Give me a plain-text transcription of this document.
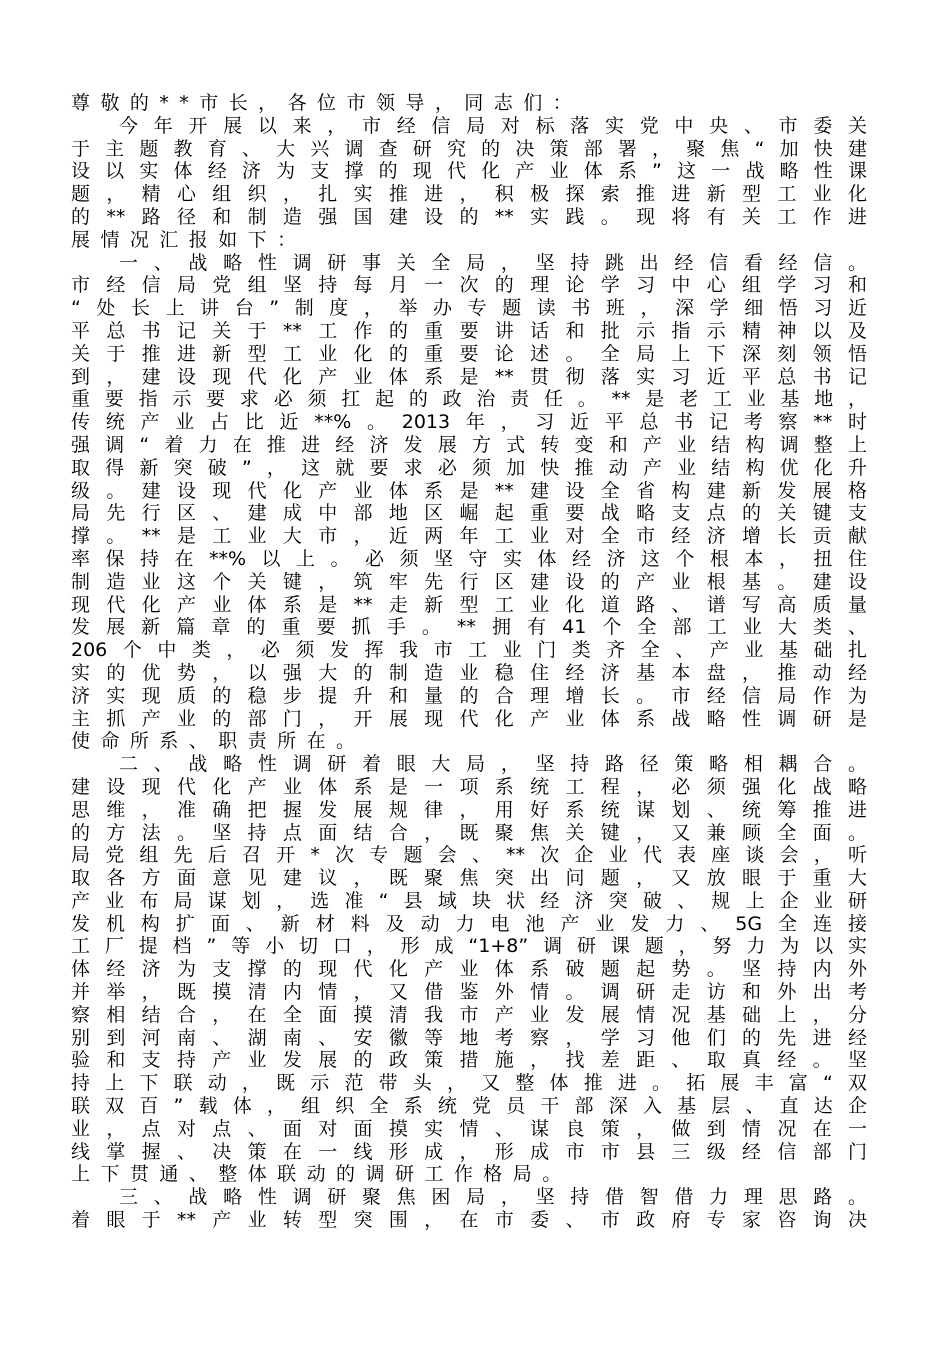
尊敬的**市长，各位市领导，同志们：
今年开展以来，市经信局对标落实党中央、市委关
于主题教育、大兴调查研究的决策部署，聚焦“加快建
设以实体经济为支撑的现代化产业体系”这一战略性课
题，精心组织，扎实推进，积极探索推进新型工业化
的**路径和制造强国建设的**实践。现将有关工作进
展情况汇报如下：
一、战略性调研事关全局，坚持跳出经信看经信。
市经信局党组坚持每月一次的理论学习中心组学习和
“处长上讲台”制度，举办专题读书班，深学细悟习近
平总书记关于**工作的重要讲话和批示指示精神以及
关于推进新型工业化的重要论述。全局上下深刻领悟
到，建设现代化产业体系是**贯彻落实习近平总书记
重要指示要求必须扛起的政治责任。**是老工业基地，
传统产业占比近**%。2013年，习近平总书记考察**时
强调“着力在推进经济发展方式转变和产业结构调整上
取得新突破”，这就要求必须加快推动产业结构优化升
级。建设现代化产业体系是**建设全省构建新发展格
局先行区、建成中部地区崛起重要战略支点的关键支
撑。**是工业大市，近两年工业对全市经济增长贡献
率保持在**%以上。必须坚守实体经济这个根本，扭住
制造业这个关键，筑牢先行区建设的产业根基。建设
现代化产业体系是**走新型工业化道路、谱写高质量
发展新篇章的重要抓手。**拥有41个全部工业大类、
206个中类，必须发挥我市工业门类齐全、产业基础扎
实的优势，以强大的制造业稳住经济基本盘，推动经
济实现质的稳步提升和量的合理增长。市经信局作为
主抓产业的部门，开展现代化产业体系战略性调研是
使命所系、职责所在。
二、战略性调研着眼大局，坚持路径策略相耦合。
建设现代化产业体系是一项系统工程，必须强化战略
思维，准确把握发展规律，用好系统谋划、统筹推进
的方法。坚持点面结合，既聚焦关键，又兼顾全面。
局党组先后召开*次专题会、**次企业代表座谈会，听
取各方面意见建议，既聚焦突出问题，又放眼于重大
产业布局谋划，选准“县域块状经济突破、规上企业研
发机构扩面、新材料及动力电池产业发力、5G全连接
工厂提档”等小切口，形成“1+8”调研课题，努力为以实
体经济为支撑的现代化产业体系破题起势。坚持内外
并举，既摸清内情，又借鉴外情。调研走访和外出考
察相结合，在全面摸清我市产业发展情况基础上，分
别到河南、湖南、安徽等地考察，学习他们的先进经
验和支持产业发展的政策措施，找差距、取真经。坚
持上下联动，既示范带头，又整体推进。拓展丰富“双
联双百”载体，组织全系统党员干部深入基层、直达企
业，点对点、面对面摸实情、谋良策，做到情况在一
线掌握、决策在一线形成，形成市市县三级经信部门
上下贯通、整体联动的调研工作格局。
三、战略性调研聚焦困局，坚持借智借力理思路。
着眼于**产业转型突围，在市委、市政府专家咨询决
